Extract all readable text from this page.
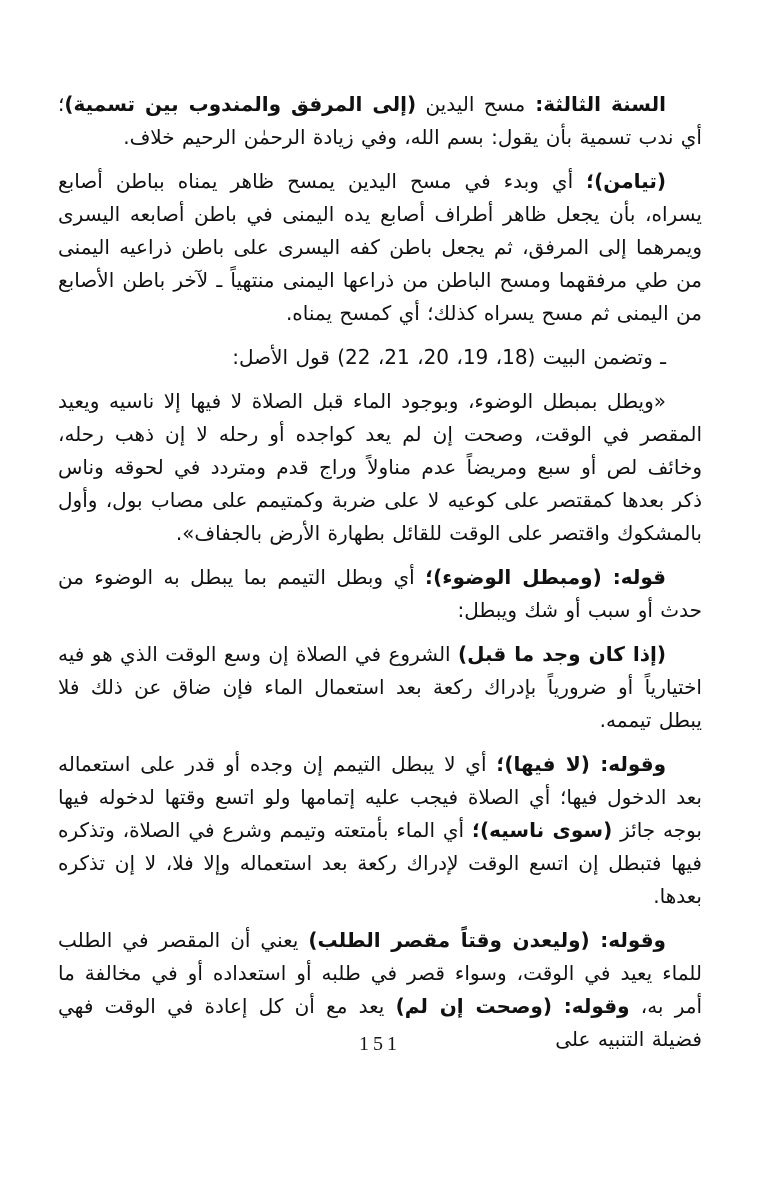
السنة الثالثة: مسح اليدين (إلى المرفق والمندوب بين تسمية)؛ أي ندب تسمية بأن يقول: بسم الله، وفي زيادة الرحمٰن الرحيم خلاف.

(تيامن)؛ أي وبدء في مسح اليدين يمسح ظاهر يمناه بباطن أصابع يسراه، بأن يجعل ظاهر أطراف أصابع يده اليمنى في باطن أصابعه اليسرى ويمرهما إلى المرفق، ثم يجعل باطن كفه اليسرى على باطن ذراعيه اليمنى من طي مرفقهما ومسح الباطن من ذراعها اليمنى منتهياً ـ لآخر باطن الأصابع من اليمنى ثم مسح يسراه كذلك؛ أي كمسح يمناه.

ـ وتضمن البيت (18، 19، 20، 21، 22) قول الأصل:

«ويطل بمبطل الوضوء، وبوجود الماء قبل الصلاة لا فيها إلا ناسيه ويعيد المقصر في الوقت، وصحت إن لم يعد كواجده أو رحله لا إن ذهب رحله، وخائف لص أو سبع ومريضاً عدم مناولاً وراج قدم ومتردد في لحوقه وناس ذكر بعدها كمقتصر على كوعيه لا على ضربة وكمتيمم على مصاب بول، وأول بالمشكوك واقتصر على الوقت للقائل بطهارة الأرض بالجفاف».

قوله: (ومبطل الوضوء)؛ أي وبطل التيمم بما يبطل به الوضوء من حدث أو سبب أو شك ويبطل:

(إذا كان وجد ما قبل) الشروع في الصلاة إن وسع الوقت الذي هو فيه اختيارياً أو ضرورياً بإدراك ركعة بعد استعمال الماء فإن ضاق عن ذلك فلا يبطل تيممه.

وقوله: (لا فيها)؛ أي لا يبطل التيمم إن وجده أو قدر على استعماله بعد الدخول فيها؛ أي الصلاة فيجب عليه إتمامها ولو اتسع وقتها لدخوله فيها بوجه جائز (سوى ناسيه)؛ أي الماء بأمتعته وتيمم وشرع في الصلاة، وتذكره فيها فتبطل إن اتسع الوقت لإدراك ركعة بعد استعماله وإلا فلا، لا إن تذكره بعدها.

وقوله: (وليعدن وقتاً مقصر الطلب) يعني أن المقصر في الطلب للماء يعيد في الوقت، وسواء قصر في طلبه أو استعداده أو في مخالفة ما أمر به، وقوله: (وصحت إن لم) يعد مع أن كل إعادة في الوقت فهي فضيلة التنبيه على

151
